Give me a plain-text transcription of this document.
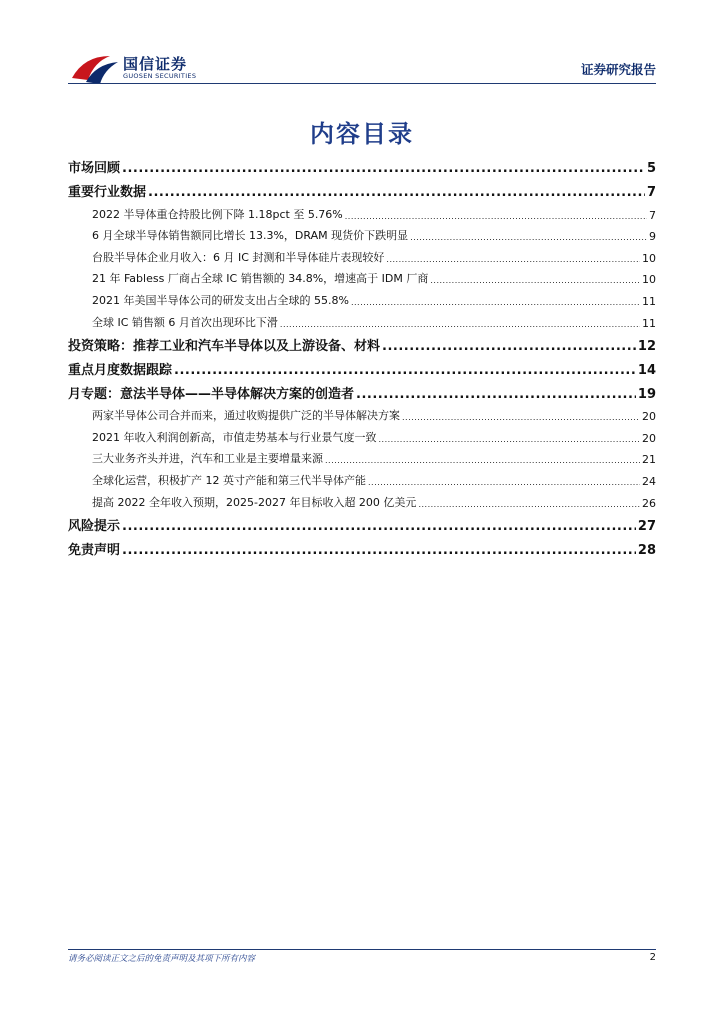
国信证券
GUOSEN SECURITIES	证券研究报告
内容目录
市场回顾 .....	5
重要行业数据 .....	7
2022 半导体重仓持股比例下降 1.18pct 至 5.76% .....	7
6 月全球半导体销售额同比增长 13.3%，DRAM 现货价下跌明显 .....	9
台股半导体企业月收入：6 月 IC 封测和半导体硅片表现较好 .....	10
21 年 Fabless 厂商占全球 IC 销售额的 34.8%，增速高于 IDM 厂商 .....	10
2021 年美国半导体公司的研发支出占全球的 55.8% .....	11
全球 IC 销售额 6 月首次出现环比下滑 .....	11
投资策略：推荐工业和汽车半导体以及上游设备、材料 .....	12
重点月度数据跟踪 .....	14
月专题：意法半导体——半导体解决方案的创造者 .....	19
两家半导体公司合并而来，通过收购提供广泛的半导体解决方案 .....	20
2021 年收入利润创新高，市值走势基本与行业景气度一致 .....	20
三大业务齐头并进，汽车和工业是主要增量来源 .....	21
全球化运营，积极扩产 12 英寸产能和第三代半导体产能 .....	24
提高 2022 全年收入预期，2025-2027 年目标收入超 200 亿美元 .....	26
风险提示 .....	27
免责声明 .....	28
请务必阅读正文之后的免责声明及其项下所有内容	2
